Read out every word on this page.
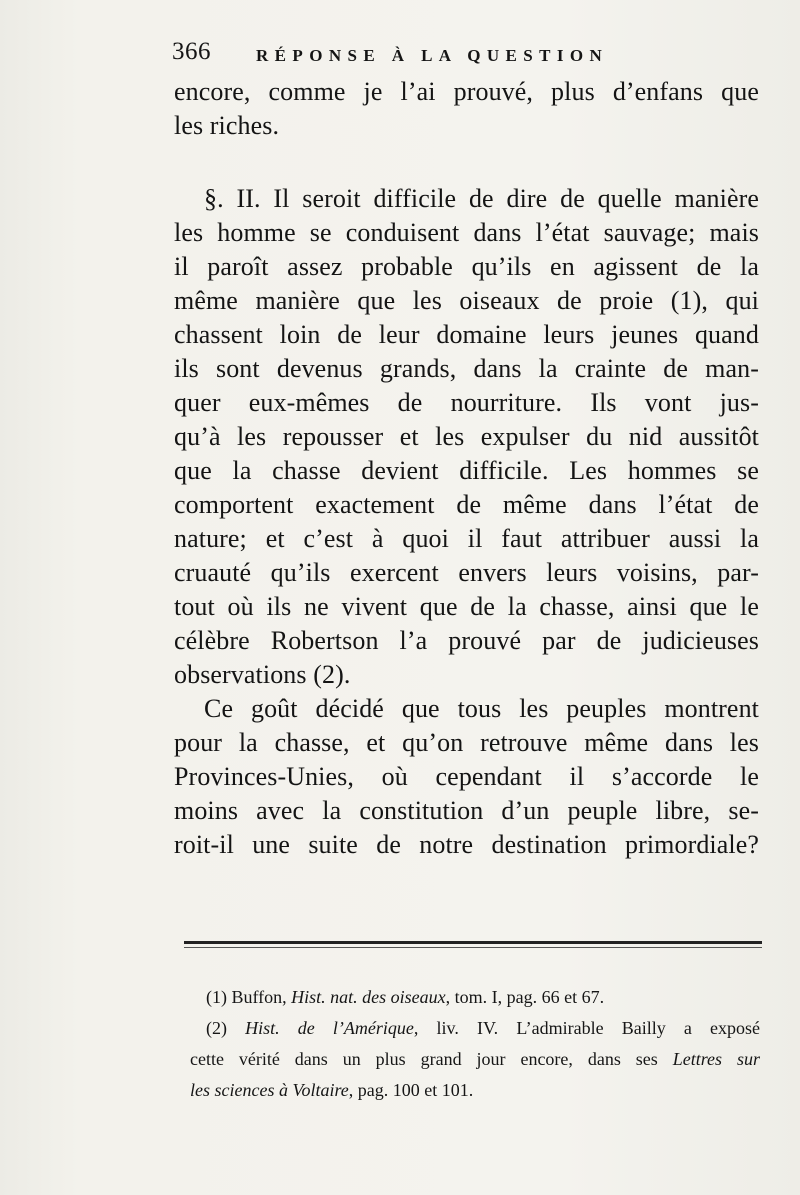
366	RÉPONSE À LA QUESTION
encore, comme je l’ai prouvé, plus d’enfans que
les riches.
§. II. Il seroit difficile de dire de quelle manière
les homme se conduisent dans l’état sauvage; mais
il paroît assez probable qu’ils en agissent de la
même manière que les oiseaux de proie (1), qui
chassent loin de leur domaine leurs jeunes quand
ils sont devenus grands, dans la crainte de man-
quer eux-mêmes de nourriture. Ils vont jus-
qu’à les repousser et les expulser du nid aussitôt
que la chasse devient difficile. Les hommes se
comportent exactement de même dans l’état de
nature; et c’est à quoi il faut attribuer aussi la
cruauté qu’ils exercent envers leurs voisins, par-
tout où ils ne vivent que de la chasse, ainsi que le
célèbre Robertson l’a prouvé par de judicieuses
observations (2).
Ce goût décidé que tous les peuples montrent
pour la chasse, et qu’on retrouve même dans les
Provinces-Unies, où cependant il s’accorde le
moins avec la constitution d’un peuple libre, se-
roit-il une suite de notre destination primordiale?
(1) Buffon, Hist. nat. des oiseaux, tom. I, pag. 66 et 67.
(2) Hist. de l’Amérique, liv. IV. L’admirable Bailly a exposé
cette vérité dans un plus grand jour encore, dans ses Lettres sur
les sciences à Voltaire, pag. 100 et 101.
